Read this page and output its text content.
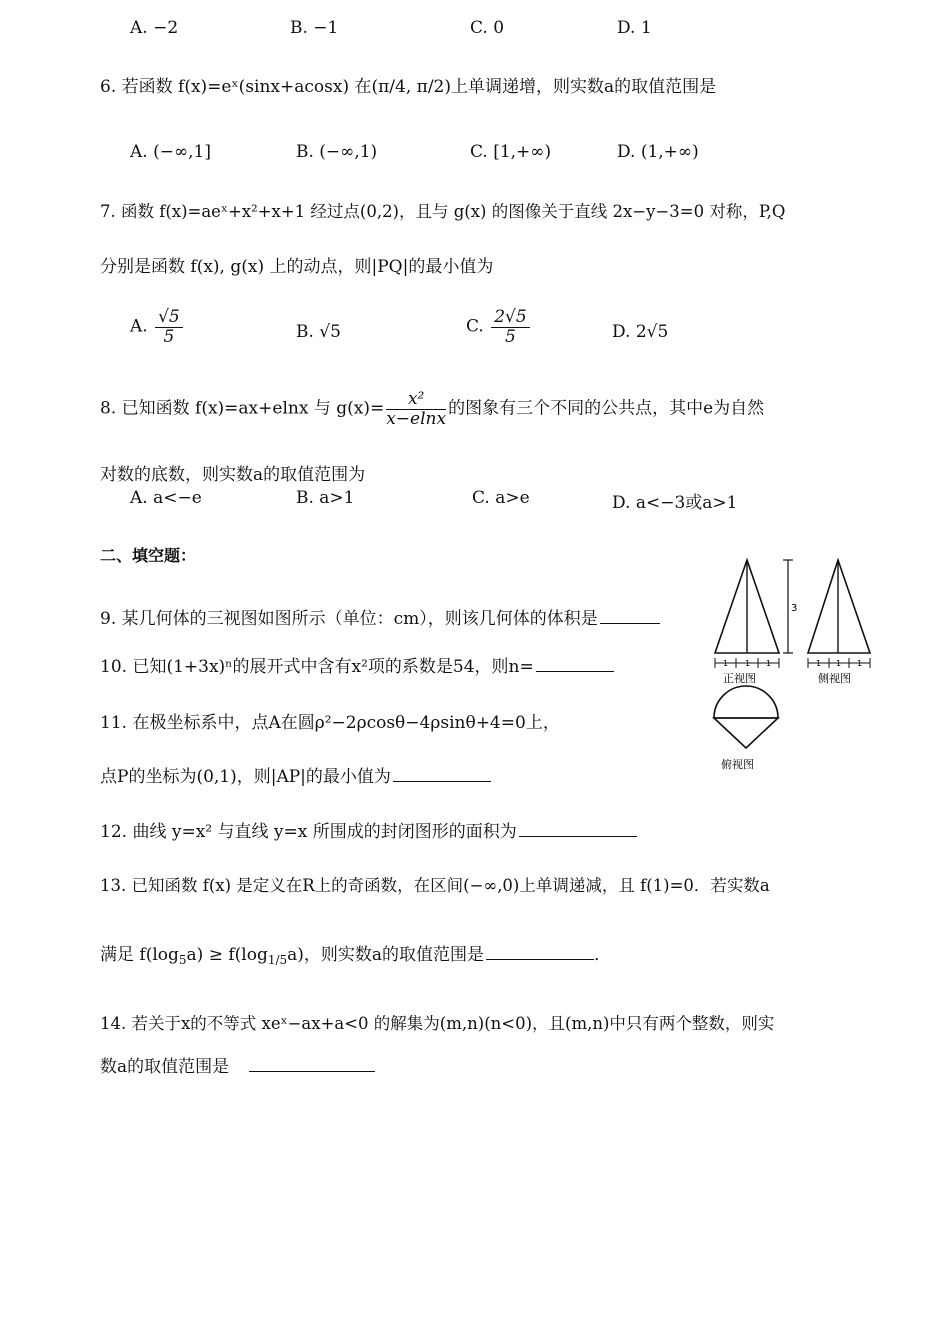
A. −2	B. −1	C. 0	D. 1
6. 若函数 f(x)=eˣ(sinx+acosx) 在(π/4, π/2)上单调递增，则实数a的取值范围是
A. (−∞,1]	B. (−∞,1)	C. [1,+∞)	D. (1,+∞)
7. 函数 f(x)=aeˣ+x²+x+1 经过点(0,2)，且与 g(x) 的图像关于直线 2x−y−3=0 对称，P,Q
分别是函数 f(x), g(x) 上的动点，则|PQ|的最小值为
A. $\frac{√5}{5}$	B. √5	C. $\frac{2√5}{5}$	D. 2√5
8. 已知函数 f(x)=ax+elnx 与 $g(x)= \frac{\text{x²}}{x-elnx}$ 的图象有三个不同的公共点，其中e为自然
对数的底数，则实数a的取值范围为
A. a<−e	B. a>1	C. a>e	D. a<−3或a>1
二、填空题：
9. 某几何体的三视图如图所示（单位：cm），则该几何体的体积是
10. 已知(1+3x)ⁿ的展开式中含有x²项的系数是54，则n=
11. 在极坐标系中，点A在圆ρ²−2ρcosθ−4ρsinθ+4=0上，
点P的坐标为(0,1)，则|AP|的最小值为
12. 曲线 y=x² 与直线 y=x 所围成的封闭图形的面积为
13. 已知函数 f(x) 是定义在R上的奇函数，在区间(−∞,0)上单调递减，且 f(1)=0．若实数a
满足 $f(\log_5a) \ge f(\log_{1/5}a)$，则实数a的取值范围是	．
14. 若关于x的不等式 xeˣ−ax+a<0 的解集为(m,n)(n<0)，且(m,n)中只有两个整数，则实
数a的取值范围是
3
1 1 1
正视图
1 1 1
侧视图
俯视图
